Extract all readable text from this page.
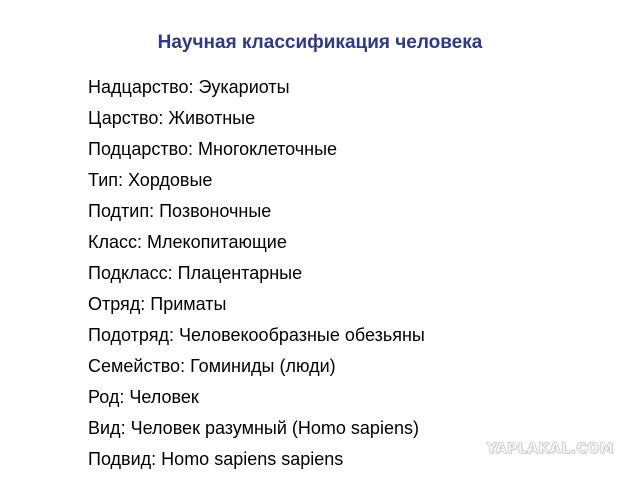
Научная классификация человека
Надцарство: Эукариоты
Царство: Животные
Подцарство: Многоклеточные
Тип: Хордовые
Подтип: Позвоночные
Класс: Млекопитающие
Подкласс: Плацентарные
Отряд: Приматы
Подотряд: Человекообразные обезьяны
Семейство: Гоминиды (люди)
Род: Человек
Вид: Человек разумный (Homo sapiens)
Подвид: Homo sapiens sapiens	YAPLAKAL.COM
